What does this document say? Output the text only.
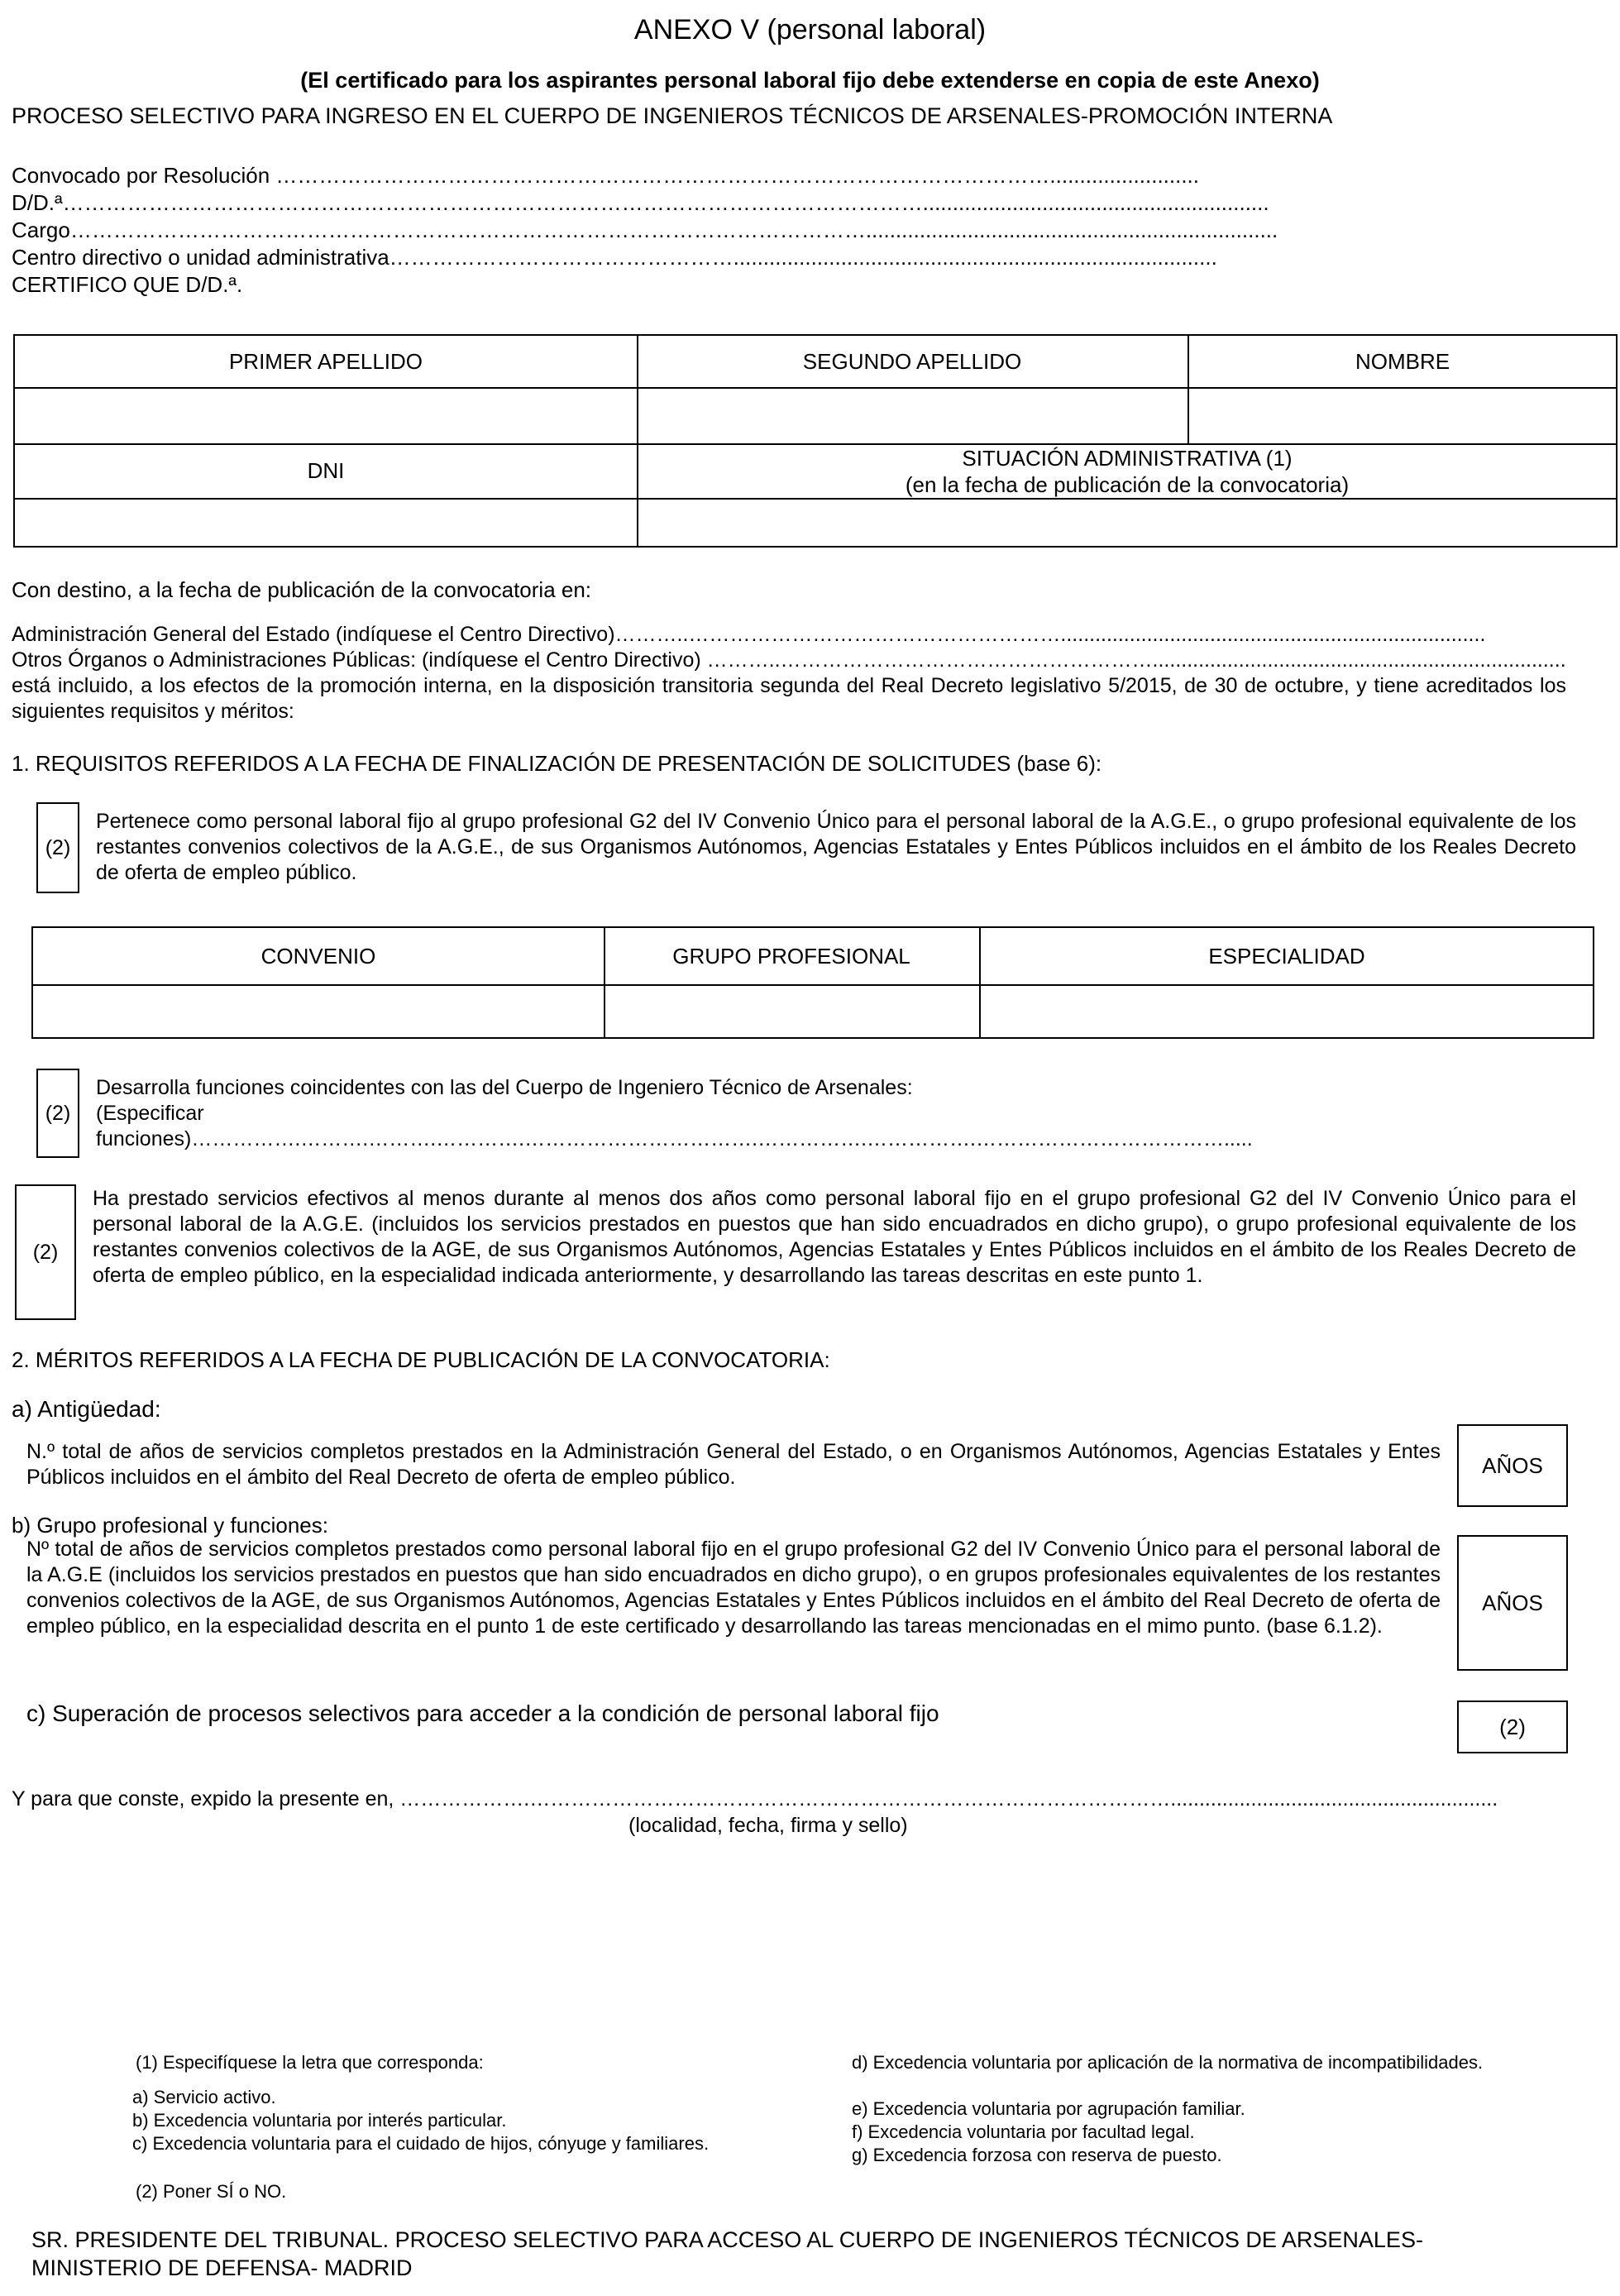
ANEXO V (personal laboral)
(El certificado para los aspirantes personal laboral fijo debe extenderse en copia de este Anexo)
PROCESO SELECTIVO PARA INGRESO EN EL CUERPO DE INGENIEROS TÉCNICOS DE ARSENALES-PROMOCIÓN INTERNA
Convocado por Resolución ……………………………………………………………………………………………….........................
D/D.ª…………………………………………………………………………………………………………..........................................................
Cargo………………………………………………………………………………………………….....................................................................
Centro directivo o unidad administrativa………………………………………….................................................................................
CERTIFICO QUE D/D.ª.
PRIMER APELLIDO	SEGUNDO APELLIDO	NOMBRE
DNI	SITUACIÓN ADMINISTRATIVA (1)
(en la fecha de publicación de la convocatoria)
Con destino, a la fecha de publicación de la convocatoria en:
Administración General del Estado (indíquese el Centro Directivo)………..………………………………………………..........................................................................
Otros Órganos o Administraciones Públicas: (indíquese el Centro Directivo) ………..………………………………………………........................................................................
está incluido, a los efectos de la promoción interna, en la disposición transitoria segunda del Real Decreto legislativo 5/2015, de 30 de octubre, y tiene acreditados los siguientes requisitos y méritos:
1. REQUISITOS REFERIDOS A LA FECHA DE FINALIZACIÓN DE PRESENTACIÓN DE SOLICITUDES (base 6):
(2)
Pertenece como personal laboral fijo al grupo profesional G2 del IV Convenio Único para el personal laboral de la A.G.E., o grupo profesional equivalente de los restantes convenios colectivos de la A.G.E., de sus Organismos Autónomos, Agencias Estatales y Entes Públicos incluidos en el ámbito de los Reales Decreto de oferta de empleo público.
CONVENIO	GRUPO PROFESIONAL	ESPECIALIDAD
(2)
Desarrolla funciones coincidentes con las del Cuerpo de Ingeniero Técnico de Arsenales:
(Especificar
funciones)…………….……….……….………….…………………………….…………….…………….……………………………….....
(2)
Ha prestado servicios efectivos al menos durante al menos dos años como personal laboral fijo en el grupo profesional G2 del IV Convenio Único para el personal laboral de la A.G.E. (incluidos los servicios prestados en puestos que han sido encuadrados en dicho grupo), o grupo profesional equivalente de los restantes convenios colectivos de la AGE, de sus Organismos Autónomos, Agencias Estatales y Entes Públicos incluidos en el ámbito de los Reales Decreto de oferta de empleo público, en la especialidad indicada anteriormente, y desarrollando las tareas descritas en este punto 1.
2. MÉRITOS REFERIDOS A LA FECHA DE PUBLICACIÓN DE LA CONVOCATORIA:
a) Antigüedad:
N.º total de años de servicios completos prestados en la Administración General del Estado, o en Organismos Autónomos, Agencias Estatales y Entes Públicos incluidos en el ámbito del Real Decreto de oferta de empleo público.	AÑOS
b) Grupo profesional y funciones:
Nº total de años de servicios completos prestados como personal laboral fijo en el grupo profesional G2 del IV Convenio Único para el personal laboral de la A.G.E (incluidos los servicios prestados en puestos que han sido encuadrados en dicho grupo), o en grupos profesionales equivalentes de los restantes convenios colectivos de la AGE, de sus Organismos Autónomos, Agencias Estatales y Entes Públicos incluidos en el ámbito del Real Decreto de oferta de empleo público, en la especialidad descrita en el punto 1 de este certificado y desarrollando las tareas mencionadas en el mimo punto. (base 6.1.2).
AÑOS
c) Superación de procesos selectivos para acceder a la condición de personal laboral fijo
(2)
Y para que conste, expido la presente en, ……………….………………………………………………………………………………….........................................................
(localidad, fecha, firma y sello)
(1) Especifíquese la letra que corresponda:
a) Servicio activo.
b) Excedencia voluntaria por interés particular.
c) Excedencia voluntaria para el cuidado de hijos, cónyuge y familiares.
d) Excedencia voluntaria por aplicación de la normativa de incompatibilidades.
e) Excedencia voluntaria por agrupación familiar.
f) Excedencia voluntaria por facultad legal.
g) Excedencia forzosa con reserva de puesto.
(2) Poner SÍ o NO.
SR. PRESIDENTE DEL TRIBUNAL. PROCESO SELECTIVO PARA ACCESO AL CUERPO DE INGENIEROS TÉCNICOS DE ARSENALES-
MINISTERIO DE DEFENSA- MADRID
